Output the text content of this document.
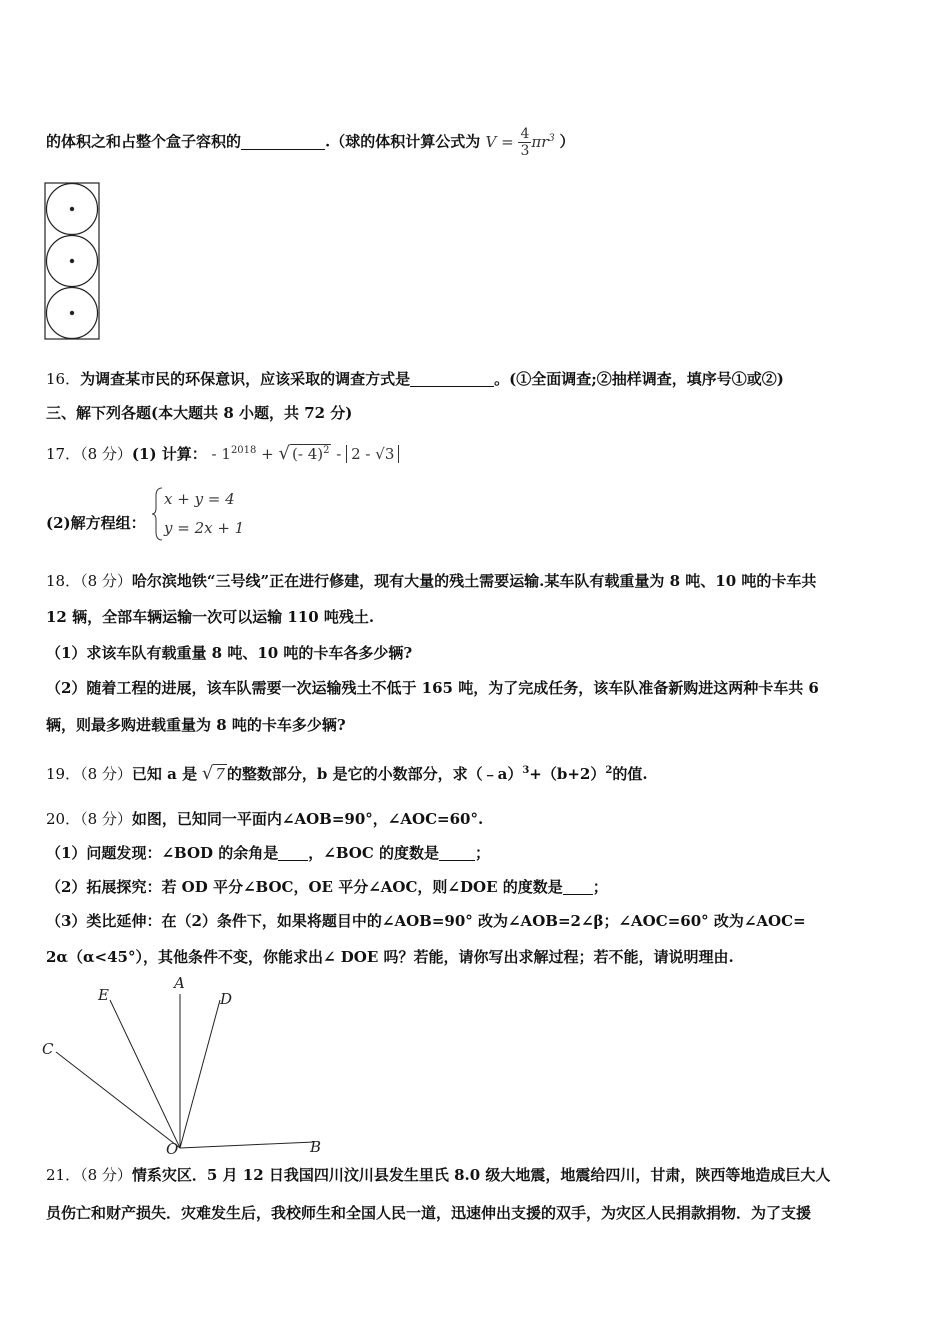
的体积之和占整个盒子容积的	.（球的体积计算公式为 $V = \frac{4}{3} \pi r^3$ ）
16．为调查某市民的环保意识，应该采取的调查方式是	。(①全面调查;②抽样调查，填序号①或②)
三、解下列各题(本大题共 8 小题，共 72 分)
17．（8 分）(1) 计算： - $1^{2018}$ + √ (- 4)$^2$ - 2 - √3
(2)解方程组：
x + y = 4
y = 2x + 1
18．（8 分）哈尔滨地铁“三号线”正在进行修建，现有大量的残土需要运输.某车队有载重量为 8 吨、10 吨的卡车共
12 辆，全部车辆运输一次可以运输 110 吨残土.
（1）求该车队有载重量 8 吨、10 吨的卡车各多少辆?
（2）随着工程的进展，该车队需要一次运输残土不低于 165 吨，为了完成任务，该车队准备新购进这两种卡车共 6
辆，则最多购进载重量为 8 吨的卡车多少辆?
19．（8 分）已知 a 是 √ 7 的整数部分，b 是它的小数部分，求$(﹣a)^3+(b+2)^2$的值.
20．（8 分）如图，已知同一平面内∠AOB=90°，∠AOC=60°.
（1）问题发现：∠BOD 的余角是 ，∠BOC 的度数是 ；
（2）拓展探究：若 OD 平分∠BOC，OE 平分∠AOC，则∠DOE 的度数是 ；
（3）类比延伸：在（2）条件下，如果将题目中的∠AOB=90° 改为∠AOB=2∠β；∠AOC=60° 改为∠AOC=
2α（α<45°），其他条件不变，你能求出∠ DOE 吗？若能，请你写出求解过程；若不能，请说明理由.
A
D
E
C
O	B
21．（8 分）情系灾区．5 月 12 日我国四川汶川县发生里氏 8.0 级大地震，地震给四川，甘肃，陕西等地造成巨大人
员伤亡和财产损失．灾难发生后，我校师生和全国人民一道，迅速伸出支援的双手，为灾区人民捐款捐物．为了支援
